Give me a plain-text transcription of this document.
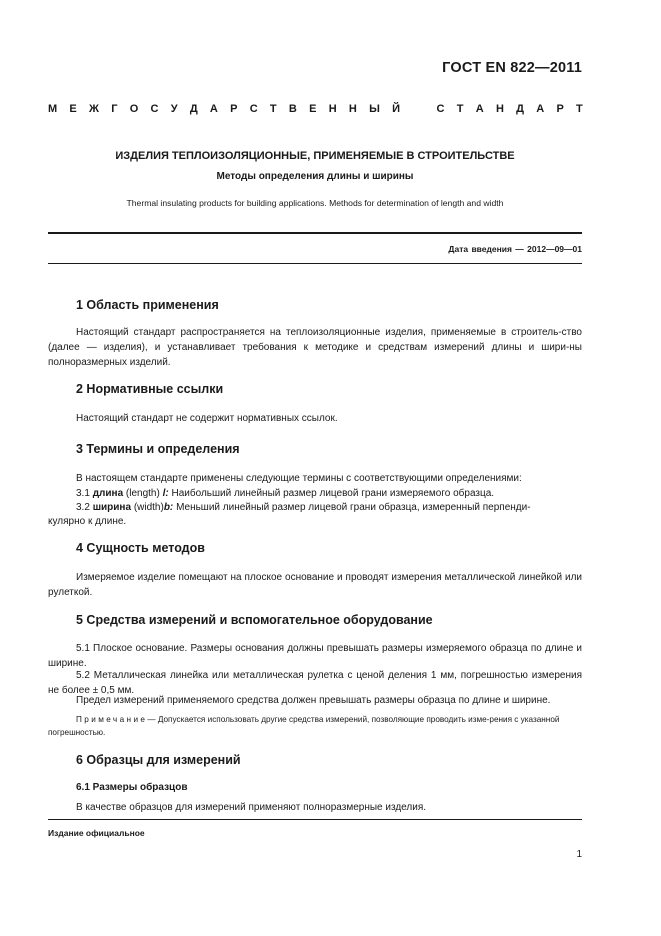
ГОСТ EN 822—2011
М Е Ж Г О С У Д А Р С Т В Е Н Н Ы Й	С Т А Н Д А Р Т
ИЗДЕЛИЯ ТЕПЛОИЗОЛЯЦИОННЫЕ, ПРИМЕНЯЕМЫЕ В СТРОИТЕЛЬСТВЕ
Методы определения длины и ширины
Thermal insulating products for building applications. Methods for determination of length and width
Дата введения — 2012—09—01
1 Область применения
Настоящий стандарт распространяется на теплоизоляционные изделия, применяемые в строитель-ство (далее — изделия), и устанавливает требования к методике и средствам измерений длины и шири-ны полноразмерных изделий.
2 Нормативные ссылки
Настоящий стандарт не содержит нормативных ссылок.
3 Термины и определения
В настоящем стандарте применены следующие термины с соответствующими определениями:
3.1 длина (length) l: Наибольший линейный размер лицевой грани измеряемого образца.
3.2 ширина (width)b: Меньший линейный размер лицевой грани образца, измеренный перпенди-
кулярно к длине.
4 Сущность методов
Измеряемое изделие помещают на плоское основание и проводят измерения металлической линейкой или рулеткой.
5 Средства измерений и вспомогательное оборудование
5.1 Плоское основание. Размеры основания должны превышать размеры измеряемого образца по длине и ширине.
5.2 Металлическая линейка или металлическая рулетка с ценой деления 1 мм, погрешностью измерения не более ± 0,5 мм.
Предел измерений применяемого средства должен превышать размеры образца по длине и ширине.
Примечание— Допускается использовать другие средства измерений, позволяющие проводить изме-рения с указанной погрешностью.
6 Образцы для измерений
6.1 Размеры образцов
В качестве образцов для измерений применяют полноразмерные изделия.
Издание официальное
1
